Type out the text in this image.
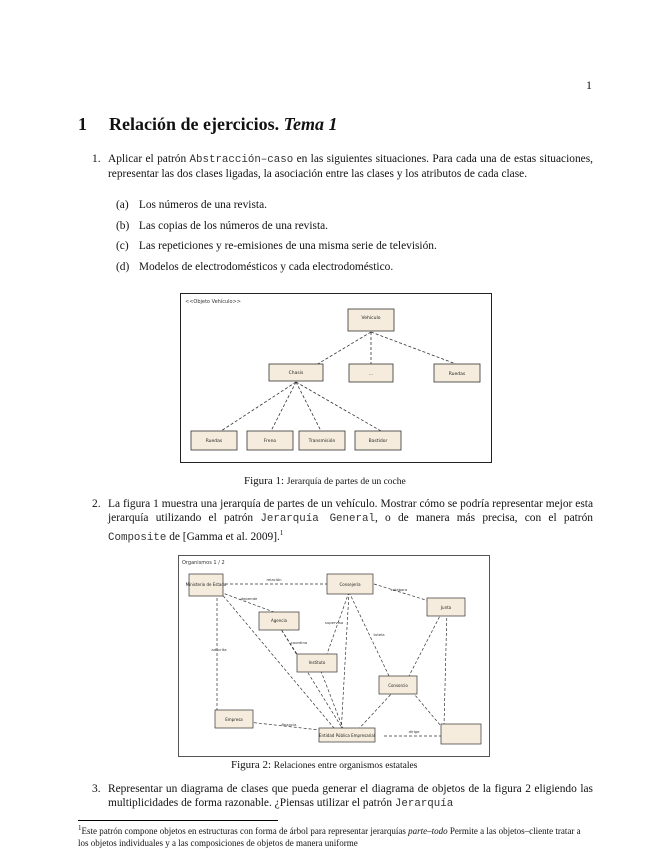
1
1 Relación de ejercicios. Tema 1
1. Aplicar el patrón Abstracción–caso en las siguientes situaciones. Para cada una de estas situaciones, representar las dos clases ligadas, la asociación entre las clases y los atributos de cada clase.
(a) Los números de una revista.
(b) Las copias de los números de una revista.
(c) Las repeticiones y re-emisiones de una misma serie de televisión.
(d) Modelos de electrodomésticos y cada electrodoméstico.
<<Objeto Vehículo>>
Vehículo
Chasis	...	Ruedas
Ruedas	Freno	Transmisión	Bastidor
Figura 1: Jerarquía de partes de un coche
2. La figura 1 muestra una jerarquía de partes de un vehículo. Mostrar cómo se podría representar mejor esta jerarquía utilizando el patrón Jerarquía General, o de manera más precisa, con el patrón Composite de [Gamma et al. 2009].$^1$
Organismos 1 / 2
Ministerio de Estado	Consejería
Agencia
Junta
Instituto
Consorcio
Empresa
Entidad Pública Empresarial
relación
depende
colabora
supervisa
tutela
adscrita
coordina
financia
dirige
Figura 2: Relaciones entre organismos estatales
3. Representar un diagrama de clases que pueda generar el diagrama de objetos de la figura 2 eligiendo las multiplicidades de forma razonable. ¿Piensas utilizar el patrón Jerarquía
$^1$Este patrón compone objetos en estructuras con forma de árbol para representar jerarquías parte–todo Permite a las objetos–cliente tratar a los objetos individuales y a las composiciones de objetos de manera uniforme
